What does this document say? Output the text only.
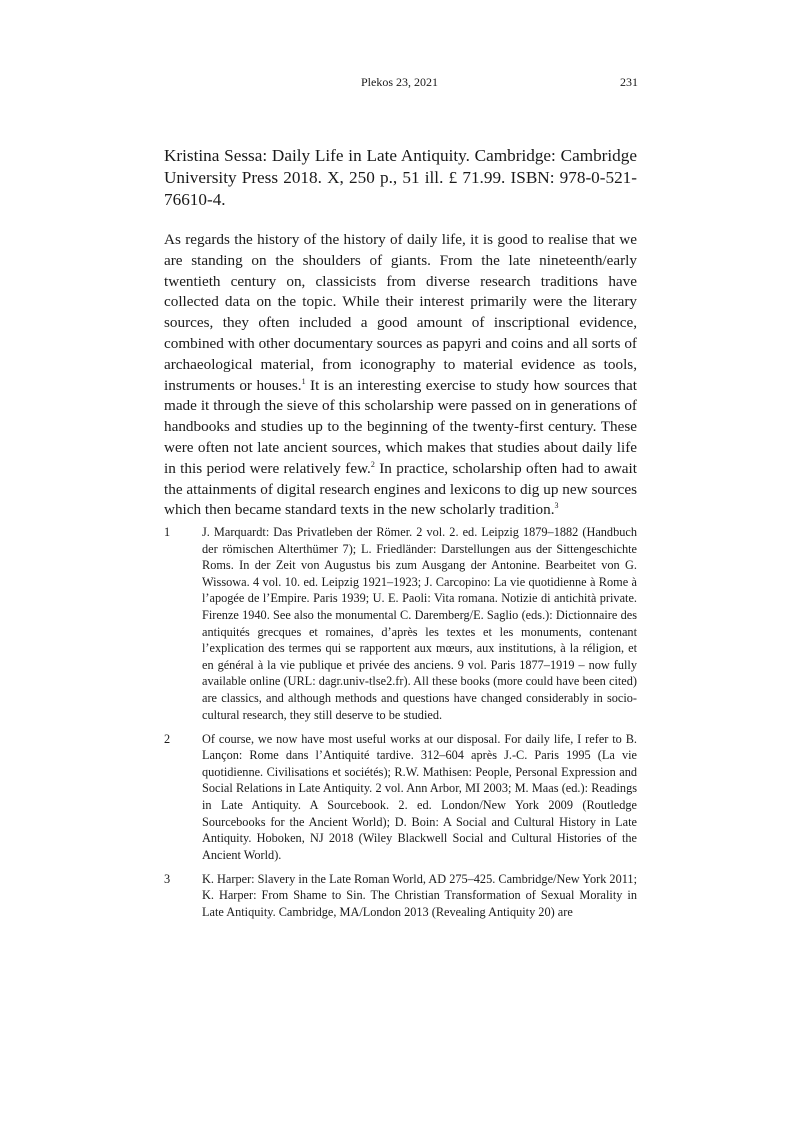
Plekos 23, 2021	231
Kristina Sessa: Daily Life in Late Antiquity. Cambridge: Cambridge University Press 2018. X, 250 p., 51 ill. £ 71.99. ISBN: 978-0-521-76610-4.
As regards the history of the history of daily life, it is good to realise that we are standing on the shoulders of giants. From the late nineteenth/early twentieth century on, classicists from diverse research traditions have collected data on the topic. While their interest primarily were the literary sources, they often included a good amount of inscriptional evidence, combined with other documentary sources as papyri and coins and all sorts of archaeological material, from iconography to material evidence as tools, instruments or houses.$^1$ It is an interesting exercise to study how sources that made it through the sieve of this scholarship were passed on in generations of handbooks and studies up to the beginning of the twenty-first century. These were often not late ancient sources, which makes that studies about daily life in this period were relatively few.$^2$ In practice, scholarship often had to await the attainments of digital research engines and lexicons to dig up new sources which then became standard texts in the new scholarly tradition.$^3$
1	J. Marquardt: Das Privatleben der Römer. 2 vol. 2. ed. Leipzig 1879–1882 (Handbuch der römischen Alterthümer 7); L. Friedländer: Darstellungen aus der Sittengeschichte Roms. In der Zeit von Augustus bis zum Ausgang der Antonine. Bearbeitet von G. Wissowa. 4 vol. 10. ed. Leipzig 1921–1923; J. Carcopino: La vie quotidienne à Rome à l’apogée de l’Empire. Paris 1939; U. E. Paoli: Vita romana. Notizie di antichità private. Firenze 1940. See also the monumental C. Daremberg/E. Saglio (eds.): Dictionnaire des antiquités grecques et romaines, d’après les textes et les monuments, contenant l’explication des termes qui se rapportent aux mœurs, aux institutions, à la réligion, et en général à la vie publique et privée des anciens. 9 vol. Paris 1877–1919 – now fully available online (URL: dagr.univ-tlse2.fr). All these books (more could have been cited) are classics, and although methods and questions have changed considerably in socio-cultural research, they still deserve to be studied.
2	Of course, we now have most useful works at our disposal. For daily life, I refer to B. Lançon: Rome dans l’Antiquité tardive. 312–604 après J.-C. Paris 1995 (La vie quotidienne. Civilisations et sociétés); R.W. Mathisen: People, Personal Expression and Social Relations in Late Antiquity. 2 vol. Ann Arbor, MI 2003; M. Maas (ed.): Readings in Late Antiquity. A Sourcebook. 2. ed. London/New York 2009 (Routledge Sourcebooks for the Ancient World); D. Boin: A Social and Cultural History in Late Antiquity. Hoboken, NJ 2018 (Wiley Blackwell Social and Cultural Histories of the Ancient World).
3	K. Harper: Slavery in the Late Roman World, AD 275–425. Cambridge/New York 2011; K. Harper: From Shame to Sin. The Christian Transformation of Sexual Morality in Late Antiquity. Cambridge, MA/London 2013 (Revealing Antiquity 20) are
